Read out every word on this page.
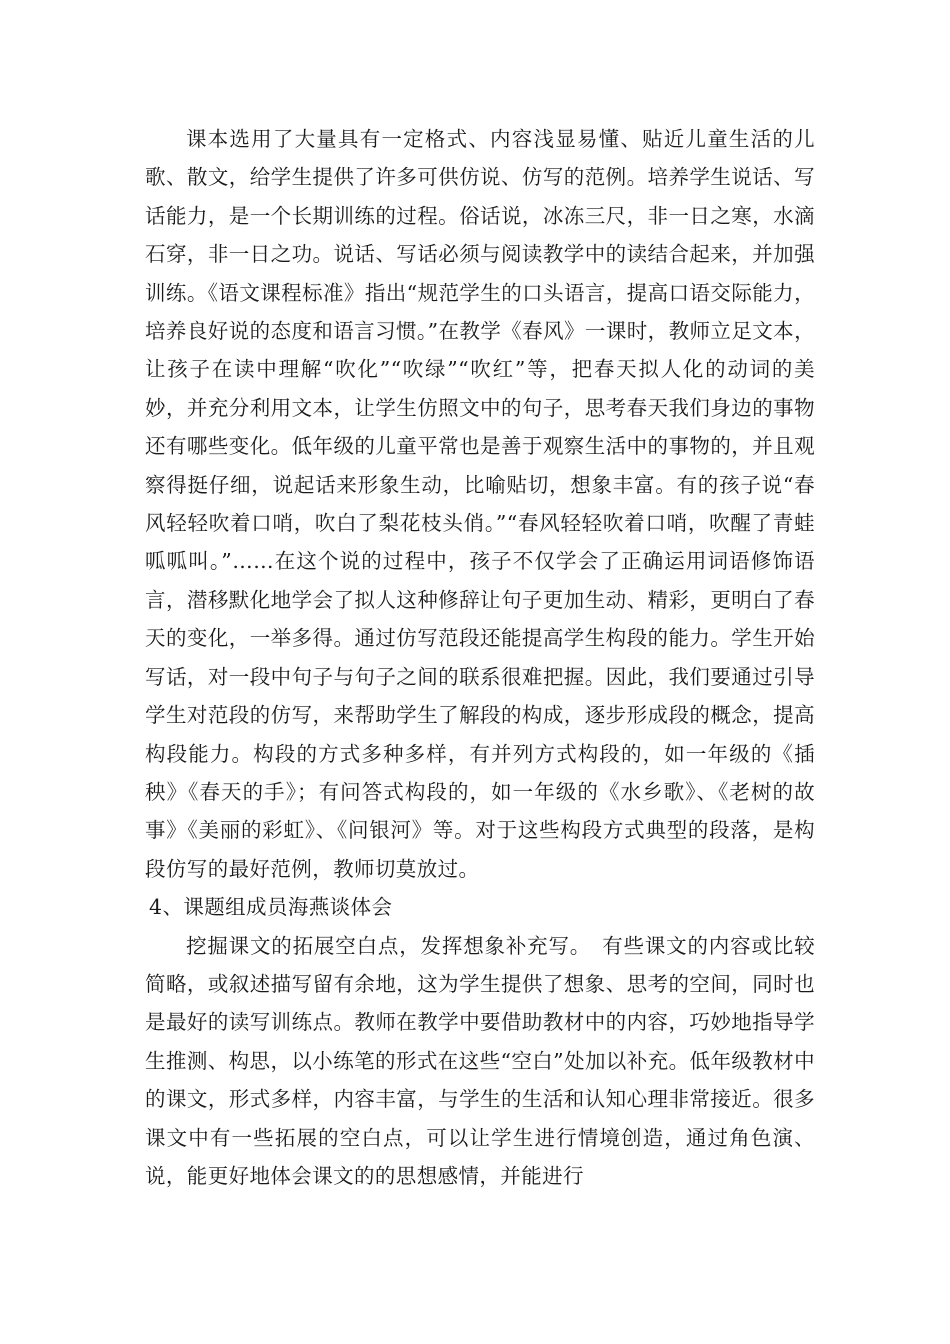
课本选用了大量具有一定格式、内容浅显易懂、贴近儿童生活的儿歌、散文，给学生提供了许多可供仿说、仿写的范例。培养学生说话、写话能力，是一个长期训练的过程。俗话说，冰冻三尺，非一日之寒，水滴石穿，非一日之功。说话、写话必须与阅读教学中的读结合起来，并加强训练。《语文课程标准》指出“规范学生的口头语言，提高口语交际能力，培养良好说的态度和语言习惯。”在教学《春风》一课时，教师立足文本，让孩子在读中理解“吹化”“吹绿”“吹红”等，把春天拟人化的动词的美妙，并充分利用文本，让学生仿照文中的句子，思考春天我们身边的事物还有哪些变化。低年级的儿童平常也是善于观察生活中的事物的，并且观察得挺仔细，说起话来形象生动，比喻贴切，想象丰富。有的孩子说“春风轻轻吹着口哨，吹白了梨花枝头俏。”“春风轻轻吹着口哨，吹醒了青蛙呱呱叫。”……在这个说的过程中，孩子不仅学会了正确运用词语修饰语言，潜移默化地学会了拟人这种修辞让句子更加生动、精彩，更明白了春天的变化，一举多得。通过仿写范段还能提高学生构段的能力。学生开始写话，对一段中句子与句子之间的联系很难把握。因此，我们要通过引导学生对范段的仿写，来帮助学生了解段的构成，逐步形成段的概念，提高构段能力。构段的方式多种多样，有并列方式构段的，如一年级的《插秧》《春天的手》；有问答式构段的，如一年级的《水乡歌》、《老树的故事》《美丽的彩虹》、《问银河》等。对于这些构段方式典型的段落，是构段仿写的最好范例，教师切莫放过。

4、课题组成员海燕谈体会

挖掘课文的拓展空白点，发挥想象补充写。　有些课文的内容或比较简略，或叙述描写留有余地，这为学生提供了想象、思考的空间，同时也是最好的读写训练点。教师在教学中要借助教材中的内容，巧妙地指导学生推测、构思，以小练笔的形式在这些“空白”处加以补充。低年级教材中的课文，形式多样，内容丰富，与学生的生活和认知心理非常接近。很多课文中有一些拓展的空白点，可以让学生进行情境创造，通过角色演、说，能更好地体会课文的的思想感情，并能进行
